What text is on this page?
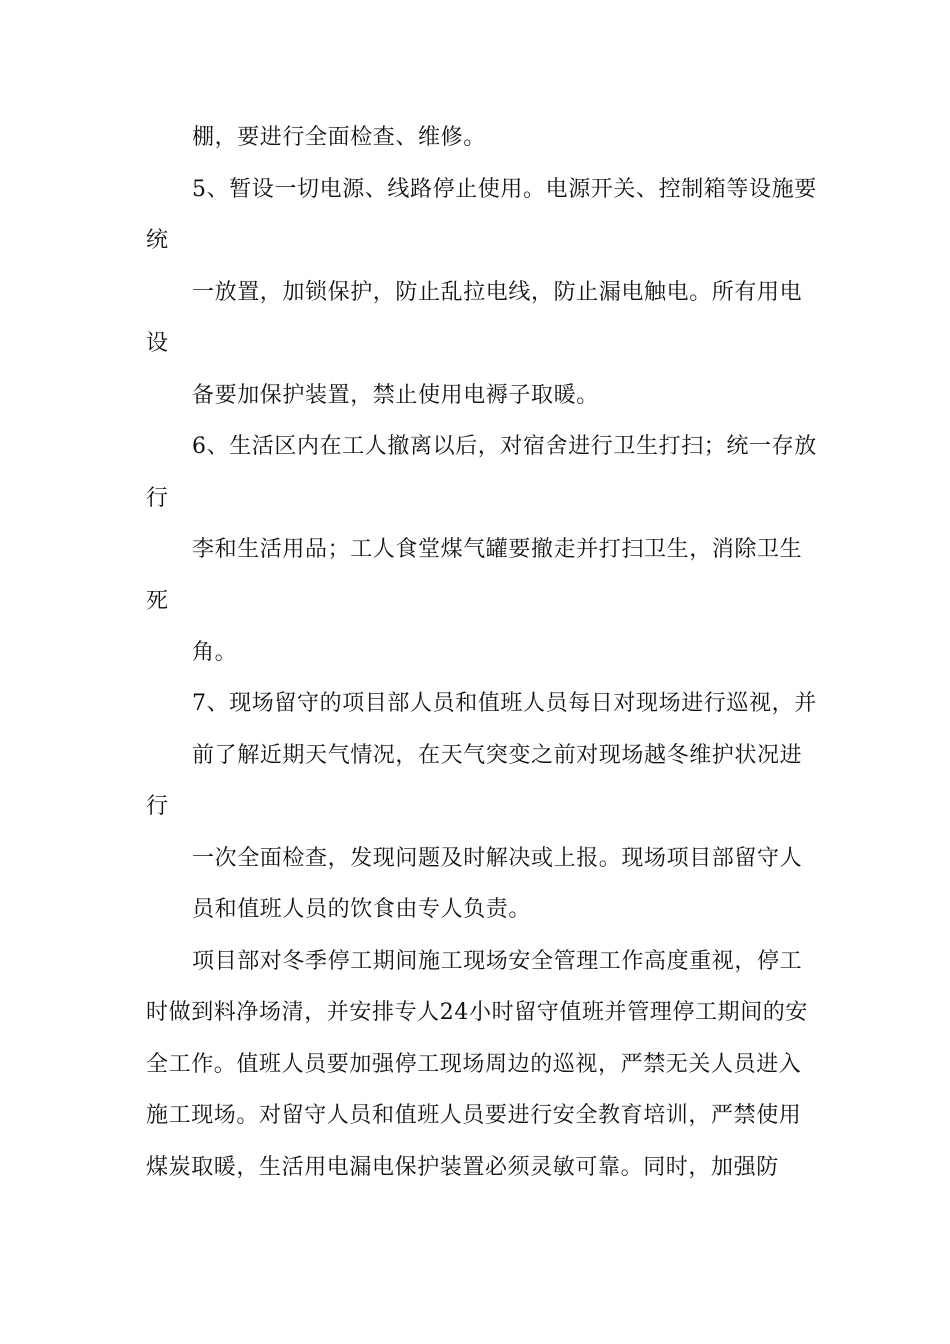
棚，要进行全面检查、维修。
5、暂设一切电源、线路停止使用。电源开关、控制箱等设施要
统
一放置，加锁保护，防止乱拉电线，防止漏电触电。所有用电
设
备要加保护装置，禁止使用电褥子取暖。
6、生活区内在工人撤离以后，对宿舍进行卫生打扫；统一存放
行
李和生活用品；工人食堂煤气罐要撤走并打扫卫生，消除卫生
死
角。
7、现场留守的项目部人员和值班人员每日对现场进行巡视，并
前了解近期天气情况，在天气突变之前对现场越冬维护状况进
行
一次全面检查，发现问题及时解决或上报。现场项目部留守人
员和值班人员的饮食由专人负责。
项目部对冬季停工期间施工现场安全管理工作高度重视，停工
时做到料净场清，并安排专人24小时留守值班并管理停工期间的安
全工作。值班人员要加强停工现场周边的巡视，严禁无关人员进入
施工现场。对留守人员和值班人员要进行安全教育培训，严禁使用
煤炭取暖，生活用电漏电保护装置必须灵敏可靠。同时，加强防
